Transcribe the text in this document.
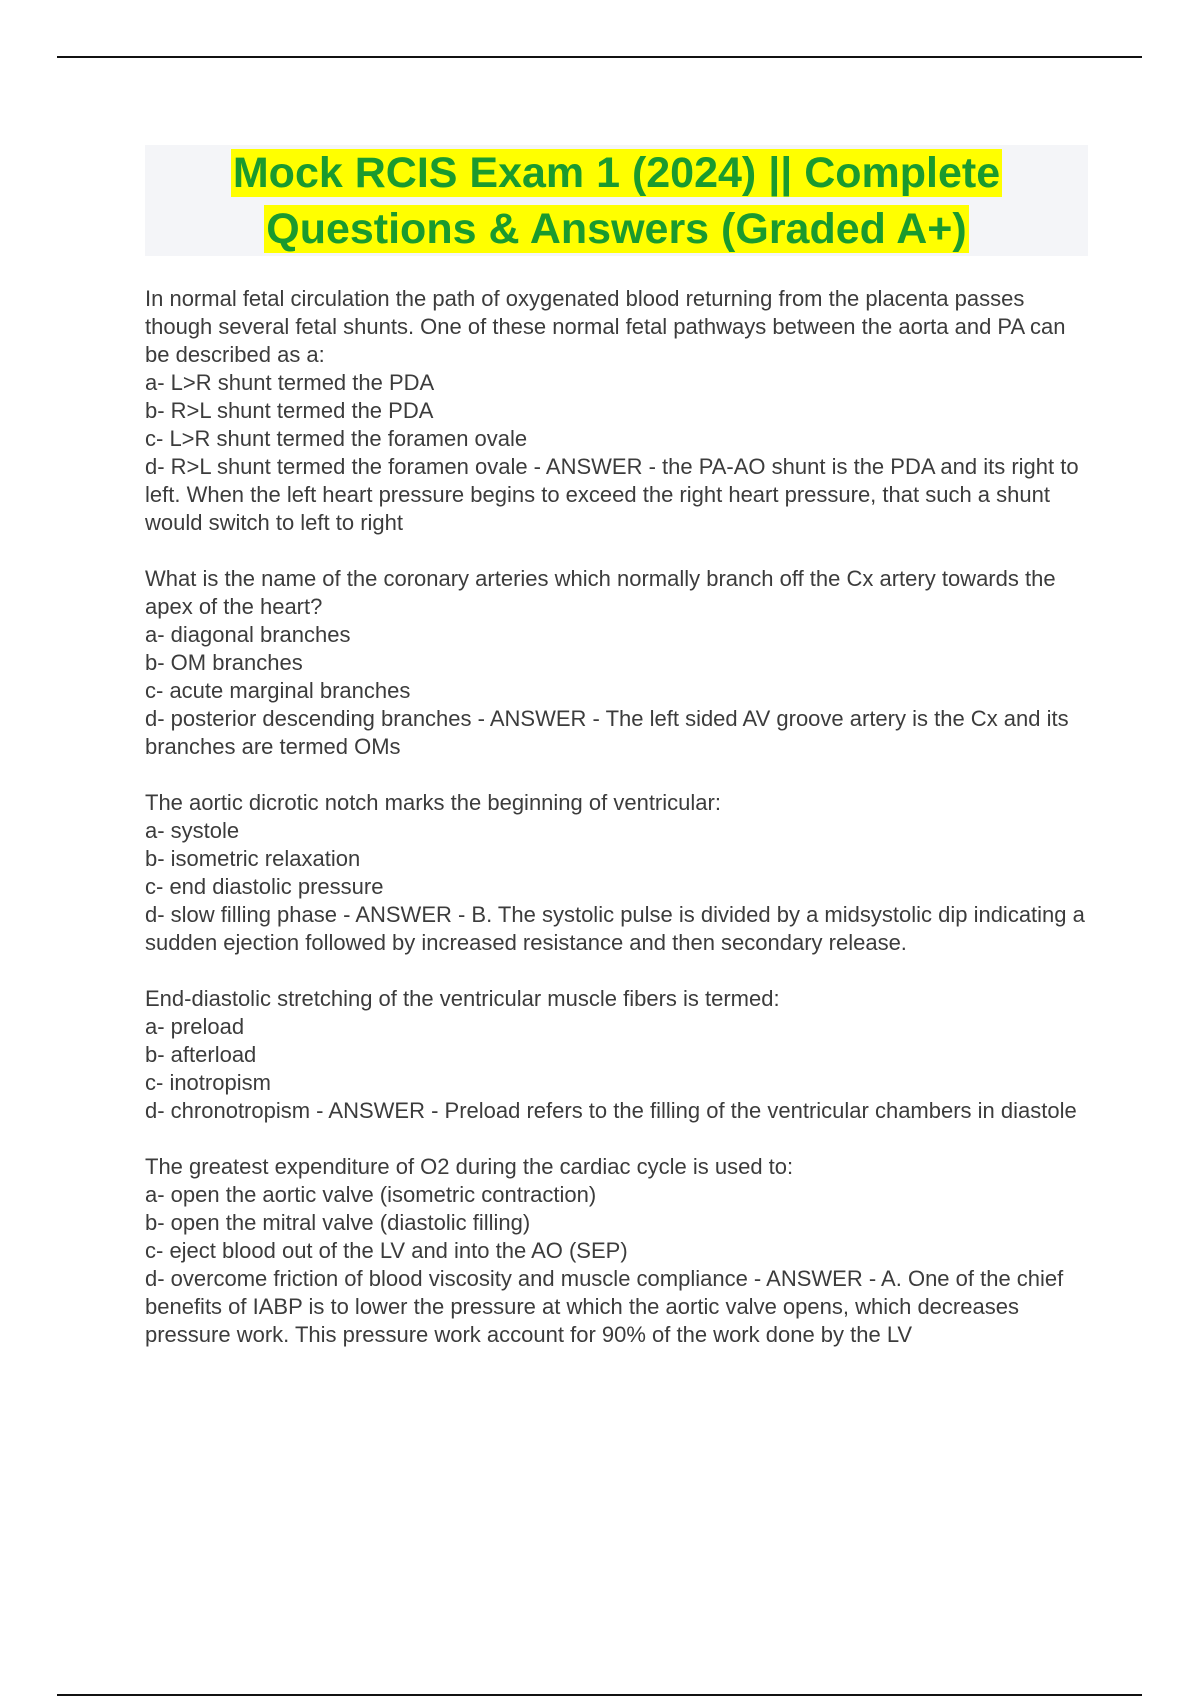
Mock RCIS Exam 1 (2024) || Complete
Questions & Answers (Graded A+)
In normal fetal circulation the path of oxygenated blood returning from the placenta passes though several fetal shunts. One of these normal fetal pathways between the aorta and PA can be described as a:
a- L>R shunt termed the PDA
b- R>L shunt termed the PDA
c- L>R shunt termed the foramen ovale
d- R>L shunt termed the foramen ovale - ANSWER - the PA-AO shunt is the PDA and its right to left. When the left heart pressure begins to exceed the right heart pressure, that such a shunt would switch to left to right
What is the name of the coronary arteries which normally branch off the Cx artery towards the apex of the heart?
a- diagonal branches
b- OM branches
c- acute marginal branches
d- posterior descending branches - ANSWER - The left sided AV groove artery is the Cx and its branches are termed OMs
The aortic dicrotic notch marks the beginning of ventricular:
a- systole
b- isometric relaxation
c- end diastolic pressure
d- slow filling phase - ANSWER - B. The systolic pulse is divided by a midsystolic dip indicating a sudden ejection followed by increased resistance and then secondary release.
End-diastolic stretching of the ventricular muscle fibers is termed:
a- preload
b- afterload
c- inotropism
d- chronotropism - ANSWER - Preload refers to the filling of the ventricular chambers in diastole
The greatest expenditure of O2 during the cardiac cycle is used to:
a- open the aortic valve (isometric contraction)
b- open the mitral valve (diastolic filling)
c- eject blood out of the LV and into the AO (SEP)
d- overcome friction of blood viscosity and muscle compliance - ANSWER - A. One of the chief benefits of IABP is to lower the pressure at which the aortic valve opens, which decreases pressure work. This pressure work account for 90% of the work done by the LV
